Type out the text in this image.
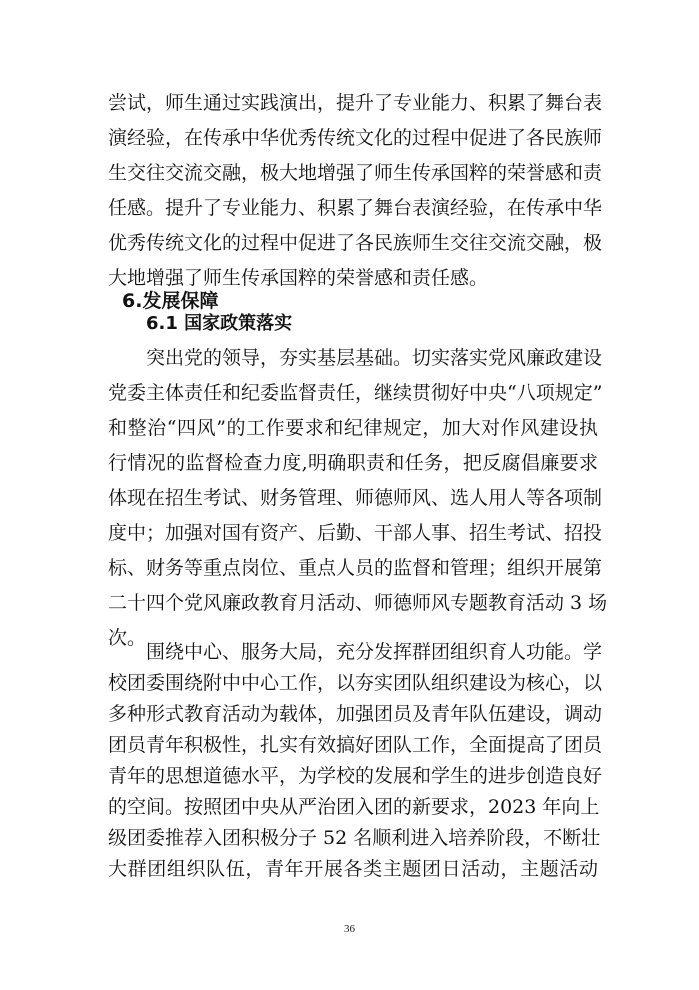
尝试，师生通过实践演出，提升了专业能力、积累了舞台表
演经验，在传承中华优秀传统文化的过程中促进了各民族师
生交往交流交融，极大地增强了师生传承国粹的荣誉感和责
任感。提升了专业能力、积累了舞台表演经验，在传承中华
优秀传统文化的过程中促进了各民族师生交往交流交融，极
大地增强了师生传承国粹的荣誉感和责任感。
6.发展保障
6.1 国家政策落实
突出党的领导，夯实基层基础。切实落实党风廉政建设
党委主体责任和纪委监督责任，继续贯彻好中央“八项规定”
和整治“四风”的工作要求和纪律规定，加大对作风建设执
行情况的监督检查力度,明确职责和任务，把反腐倡廉要求
体现在招生考试、财务管理、师德师风、选人用人等各项制
度中；加强对国有资产、后勤、干部人事、招生考试、招投
标、财务等重点岗位、重点人员的监督和管理；组织开展第
二十四个党风廉政教育月活动、师德师风专题教育活动 3 场
次。
围绕中心、服务大局，充分发挥群团组织育人功能。学
校团委围绕附中中心工作，以夯实团队组织建设为核心，以
多种形式教育活动为载体，加强团员及青年队伍建设，调动
团员青年积极性，扎实有效搞好团队工作，全面提高了团员
青年的思想道德水平，为学校的发展和学生的进步创造良好
的空间。按照团中央从严治团入团的新要求，2023 年向上
级团委推荐入团积极分子 52 名顺利进入培养阶段，不断壮
大群团组织队伍，青年开展各类主题团日活动，主题活动
36
